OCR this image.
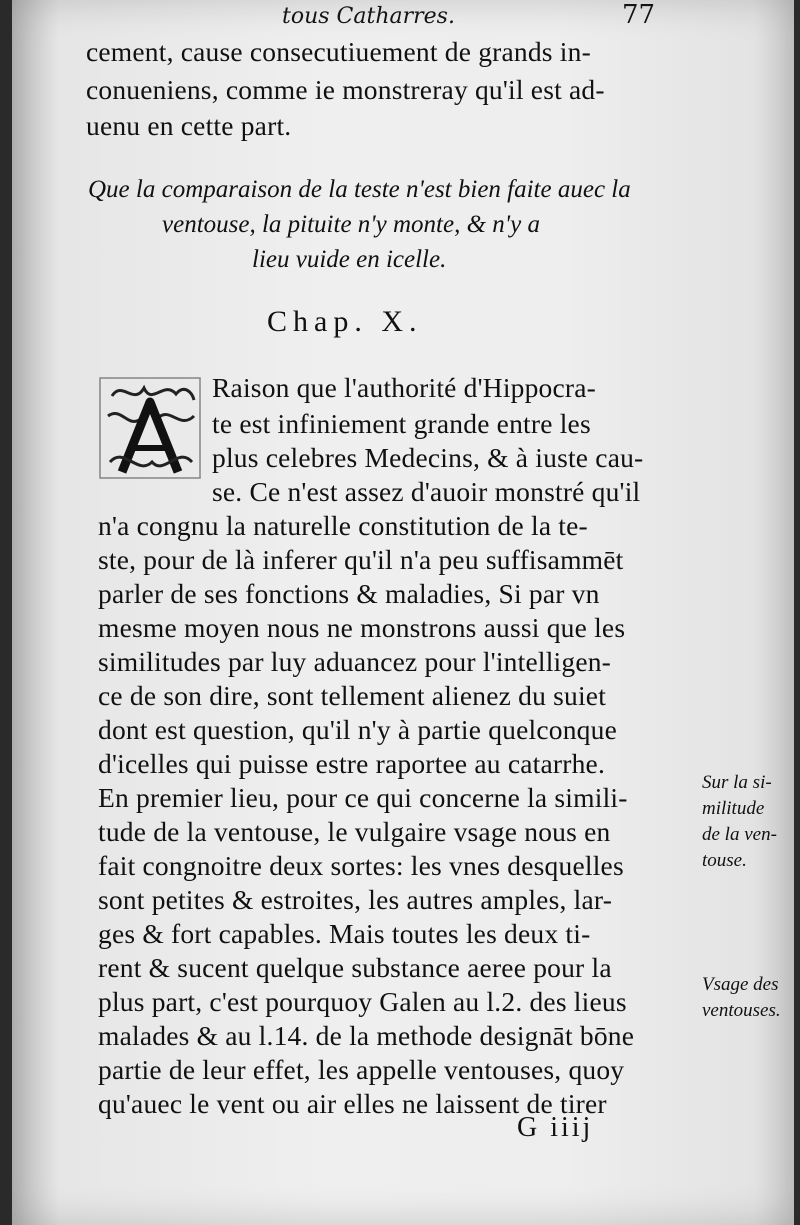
tous Catharres.	77
cement, cause consecutiuement de grands in-
conueniens, comme ie monstreray qu'il est ad-
uenu en cette part.
Que la comparaison de la teste n'est bien faite auec la
ventouse, la pituite n'y monte, & n'y a
lieu vuide en icelle.
Chap. X.
Raison que l'authorité d'Hippocra-
te est infiniement grande entre les
plus celebres Medecins, & à iuste cau-
se. Ce n'est assez d'auoir monstré qu'il
n'a congnu la naturelle constitution de la te-
ste, pour de là inferer qu'il n'a peu suffisammēt
parler de ses fonctions & maladies, Si par vn
mesme moyen nous ne monstrons aussi que les
similitudes par luy aduancez pour l'intelligen-
ce de son dire, sont tellement alienez du suiet
dont est question, qu'il n'y à partie quelconque
d'icelles qui puisse estre raportee au catarrhe.
En premier lieu, pour ce qui concerne la simili-
tude de la ventouse, le vulgaire vsage nous en
fait congnoitre deux sortes: les vnes desquelles
sont petites & estroites, les autres amples, lar-
ges & fort capables. Mais toutes les deux ti-
rent & sucent quelque substance aeree pour la
plus part, c'est pourquoy Galen au l.2. des lieus
malades & au l.14. de la methode designāt bōne
partie de leur effet, les appelle ventouses, quoy
qu'auec le vent ou air elles ne laissent de tirer
Sur la si-
militude
de la ven-
touse.
Vsage des
ventouses.
G iiij
